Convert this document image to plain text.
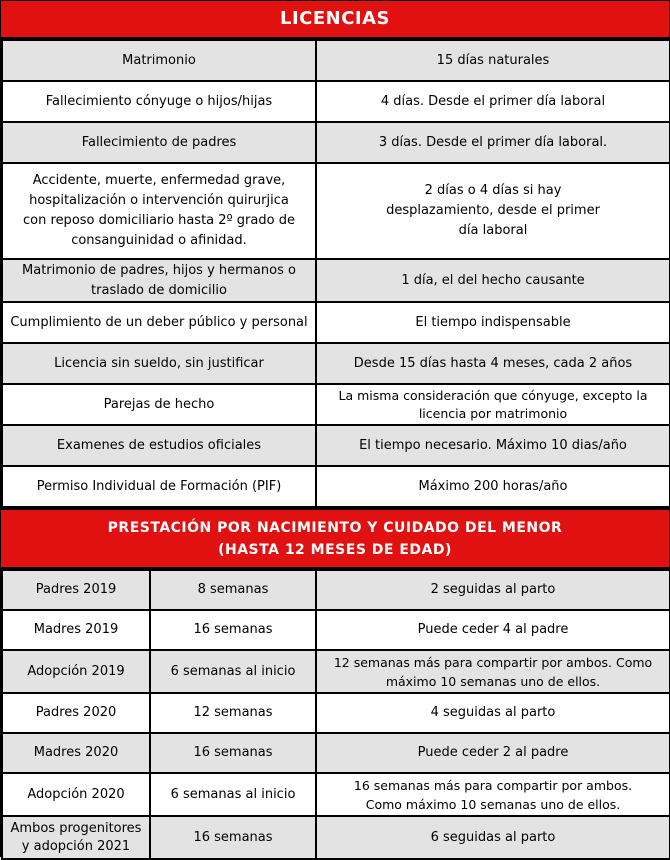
LICENCIAS
Matrimonio	15 días naturales
Fallecimiento cónyuge o hijos/hijas	4 días. Desde el primer día laboral
Fallecimiento de padres	3 días. Desde el primer día laboral.
Accidente, muerte, enfermedad grave, hospitalización o intervención quirurjica con reposo domiciliario hasta 2º grado de consanguinidad o afinidad.	2 días o 4 días si hay desplazamiento, desde el primer día laboral
Matrimonio de padres, hijos y hermanos o traslado de domicilio	1 día, el del hecho causante
Cumplimiento de un deber público y personal	El tiempo indispensable
Licencia sin sueldo, sin justificar	Desde 15 días hasta 4 meses, cada 2 años
Parejas de hecho	La misma consideración que cónyuge, excepto la licencia por matrimonio
Examenes de estudios oficiales	El tiempo necesario. Máximo 10 dias/año
Permiso Individual de Formación (PIF)	Máximo 200 horas/año
PRESTACIÓN POR NACIMIENTO Y CUIDADO DEL MENOR
(HASTA 12 MESES DE EDAD)
Padres 2019	8 semanas	2 seguidas al parto
Madres 2019	16 semanas	Puede ceder 4 al padre
Adopción 2019	6 semanas al inicio	12 semanas más para compartir por ambos. Como máximo 10 semanas uno de ellos.
Padres 2020	12 semanas	4 seguidas al parto
Madres 2020	16 semanas	Puede ceder 2 al padre
Adopción 2020	6 semanas al inicio	16 semanas más para compartir por ambos. Como máximo 10 semanas uno de ellos.
Ambos progenitores y adopción 2021	16 semanas	6 seguidas al parto
